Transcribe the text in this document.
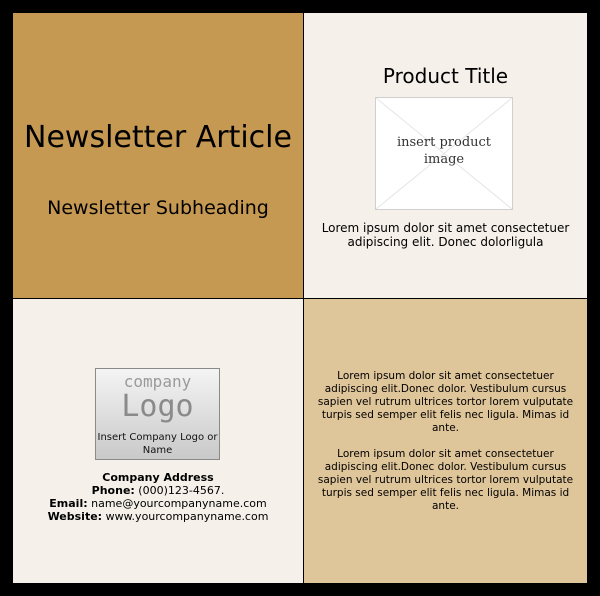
Newsletter Article
Newsletter Subheading
Product Title
insert product image
Lorem ipsum dolor sit amet consectetuer adipiscing elit. Donec dolorligula
company
Logo
Insert Company Logo or Name
Company Address
Phone: (000)123-4567.
Email: name@yourcompanyname.com
Website: www.yourcompanyname.com
Lorem ipsum dolor sit amet consectetuer adipiscing elit.Donec dolor. Vestibulum cursus sapien vel rutrum ultrices tortor lorem vulputate turpis sed semper elit felis nec ligula. Mimas id ante.
Lorem ipsum dolor sit amet consectetuer adipiscing elit.Donec dolor. Vestibulum cursus sapien vel rutrum ultrices tortor lorem vulputate turpis sed semper elit felis nec ligula. Mimas id ante.
